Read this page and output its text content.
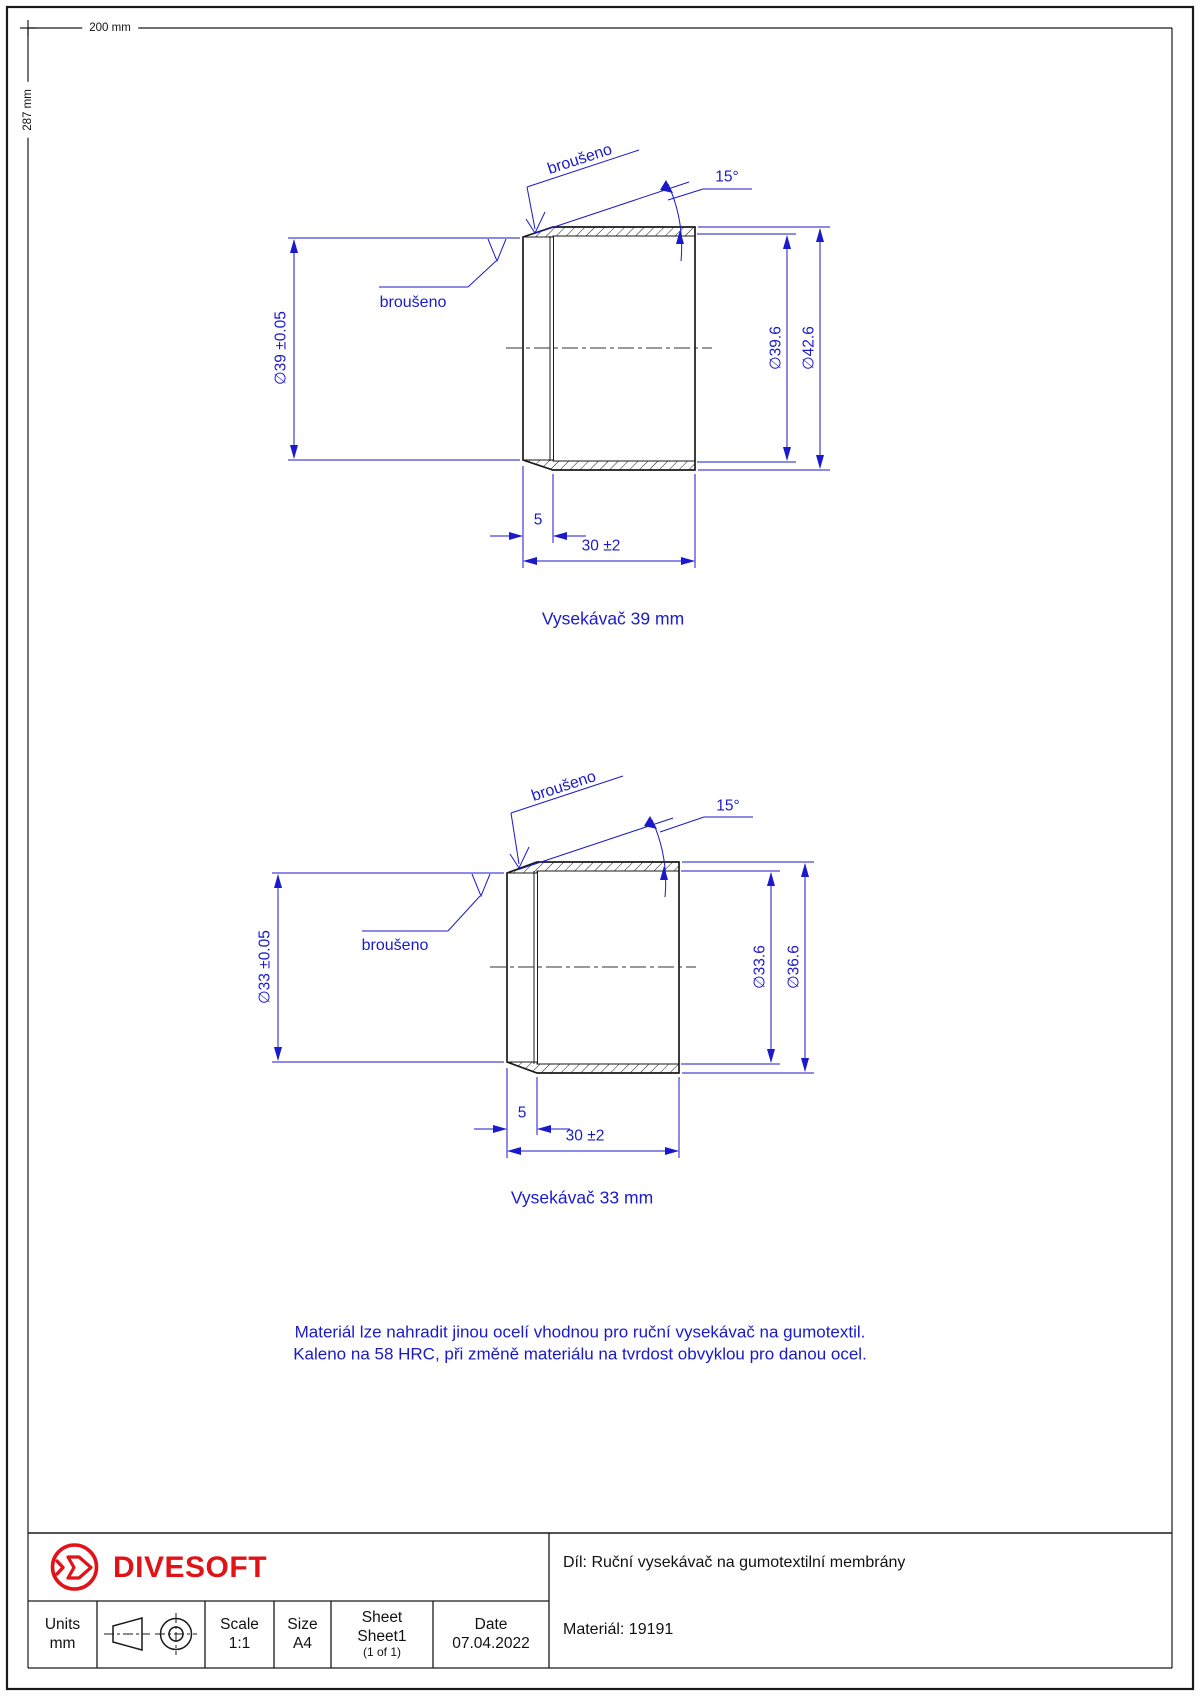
200 mm
287 mm
broušeno	15°
broušeno
∅39 ±0.05	∅39.6 ∅42.6
5
30 ±2
Vysekávač 39 mm
broušeno
15°
broušeno
∅33 ±0.05	∅33.6 ∅36.6
5
30 ±2
Vysekávač 33 mm
Materiál lze nahradit jinou ocelí vhodnou pro ruční vysekávač na gumotextil.
Kaleno na 58 HRC, při změně materiálu na tvrdost obvyklou pro danou ocel.
DIVESOFT	Díl: Ruční vysekávač na gumotextilní membrány
Materiál: 19191
Units
mm
Scale
1:1
Size
A4
Sheet
Sheet1
(1 of 1)
Date
07.04.2022
